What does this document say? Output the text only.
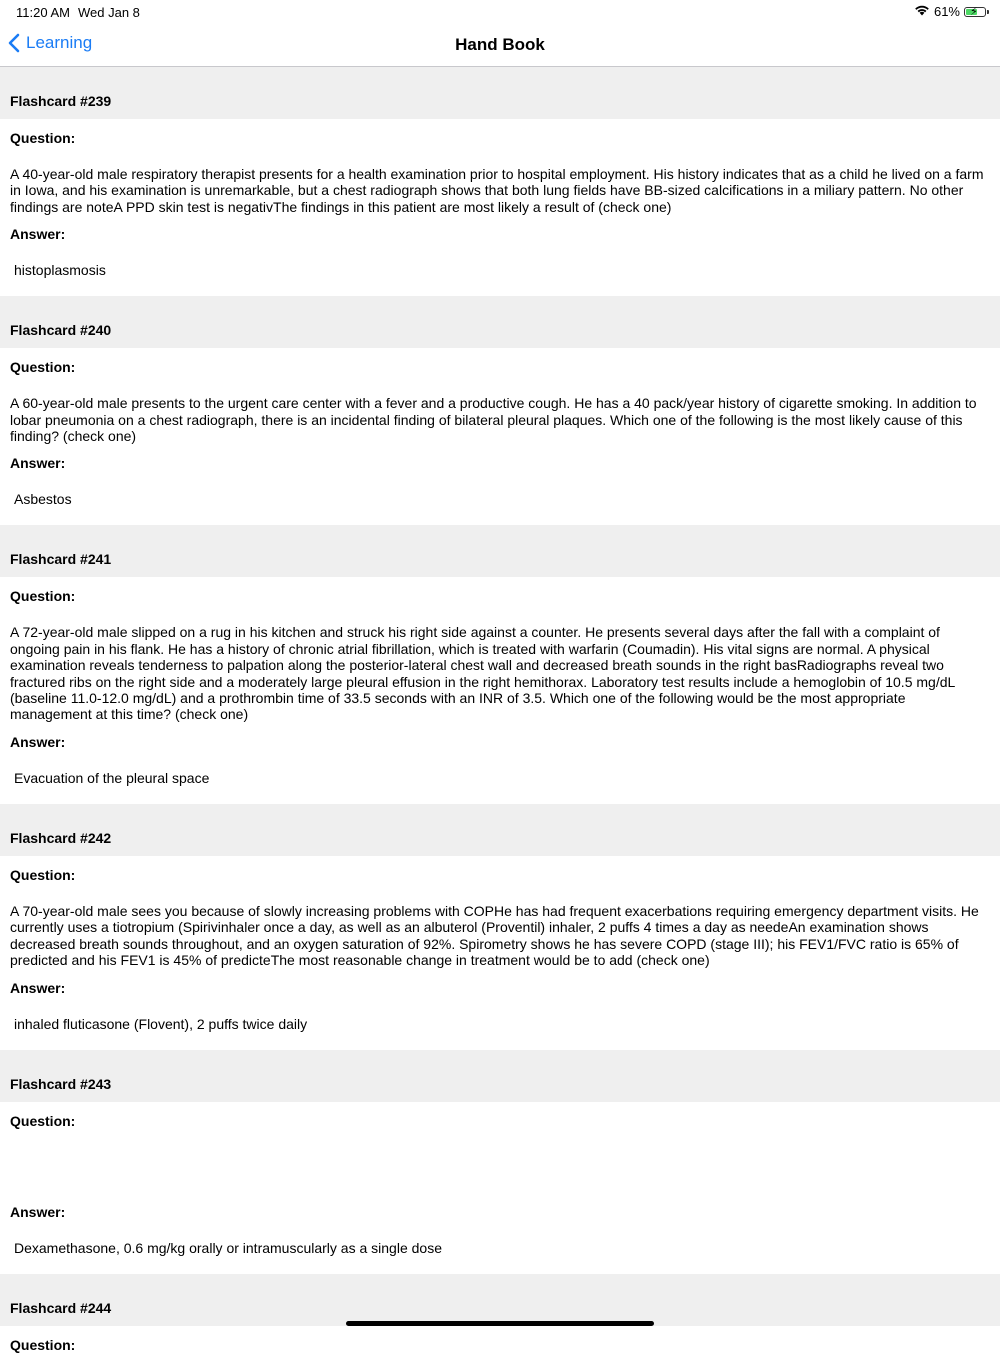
11:20 AM Wed Jan 8	61% ⚡
Learning	Hand Book
Flashcard #239
Question:
A 40-year-old male respiratory therapist presents for a health examination prior to hospital employment. His history indicates that as a child he lived on a farm in Iowa, and his examination is unremarkable, but a chest radiograph shows that both lung fields have BB-sized calcifications in a miliary pattern. No other findings are noteA PPD skin test is negativThe findings in this patient are most likely a result of (check one)
Answer:
histoplasmosis
Flashcard #240
Question:
A 60-year-old male presents to the urgent care center with a fever and a productive cough. He has a 40 pack/year history of cigarette smoking. In addition to lobar pneumonia on a chest radiograph, there is an incidental finding of bilateral pleural plaques. Which one of the following is the most likely cause of this finding? (check one)
Answer:
Asbestos
Flashcard #241
Question:
A 72-year-old male slipped on a rug in his kitchen and struck his right side against a counter. He presents several days after the fall with a complaint of ongoing pain in his flank. He has a history of chronic atrial fibrillation, which is treated with warfarin (Coumadin). His vital signs are normal. A physical examination reveals tenderness to palpation along the posterior-lateral chest wall and decreased breath sounds in the right basRadiographs reveal two fractured ribs on the right side and a moderately large pleural effusion in the right hemithorax. Laboratory test results include a hemoglobin of 10.5 mg/dL (baseline 11.0-12.0 mg/dL) and a prothrombin time of 33.5 seconds with an INR of 3.5. Which one of the following would be the most appropriate management at this time? (check one)
Answer:
Evacuation of the pleural space
Flashcard #242
Question:
A 70-year-old male sees you because of slowly increasing problems with COPHe has had frequent exacerbations requiring emergency department visits. He currently uses a tiotropium (Spirivinhaler once a day, as well as an albuterol (Proventil) inhaler, 2 puffs 4 times a day as needeAn examination shows decreased breath sounds throughout, and an oxygen saturation of 92%. Spirometry shows he has severe COPD (stage III); his FEV1/FVC ratio is 65% of predicted and his FEV1 is 45% of predicteThe most reasonable change in treatment would be to add (check one)
Answer:
inhaled fluticasone (Flovent), 2 puffs twice daily
Flashcard #243
Question:
Answer:
Dexamethasone, 0.6 mg/kg orally or intramuscularly as a single dose
Flashcard #244
Question:
